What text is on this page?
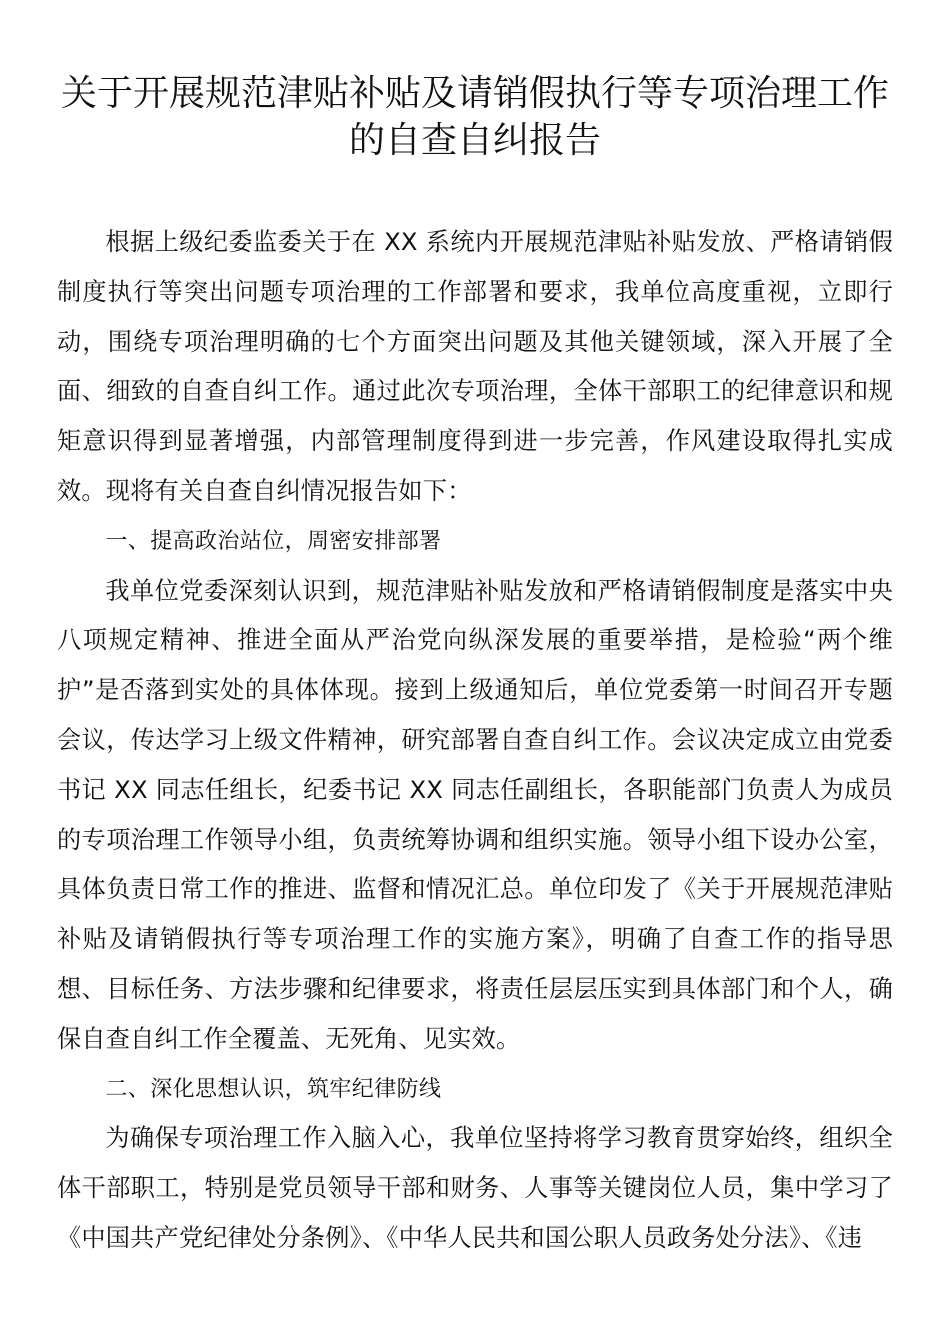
关于开展规范津贴补贴及请销假执行等专项治理工作
的自查自纠报告

根据上级纪委监委关于在 XX 系统内开展规范津贴补贴发放、严格请销假制度执行等突出问题专项治理的工作部署和要求，我单位高度重视，立即行动，围绕专项治理明确的七个方面突出问题及其他关键领域，深入开展了全面、细致的自查自纠工作。通过此次专项治理，全体干部职工的纪律意识和规矩意识得到显著增强，内部管理制度得到进一步完善，作风建设取得扎实成效。现将有关自查自纠情况报告如下：

一、提高政治站位，周密安排部署

我单位党委深刻认识到，规范津贴补贴发放和严格请销假制度是落实中央八项规定精神、推进全面从严治党向纵深发展的重要举措，是检验“两个维护”是否落到实处的具体体现。接到上级通知后，单位党委第一时间召开专题会议，传达学习上级文件精神，研究部署自查自纠工作。会议决定成立由党委书记 XX 同志任组长，纪委书记 XX 同志任副组长，各职能部门负责人为成员的专项治理工作领导小组，负责统筹协调和组织实施。领导小组下设办公室，具体负责日常工作的推进、监督和情况汇总。单位印发了《关于开展规范津贴补贴及请销假执行等专项治理工作的实施方案》，明确了自查工作的指导思想、目标任务、方法步骤和纪律要求，将责任层层压实到具体部门和个人，确保自查自纠工作全覆盖、无死角、见实效。

二、深化思想认识，筑牢纪律防线

为确保专项治理工作入脑入心，我单位坚持将学习教育贯穿始终，组织全体干部职工，特别是党员领导干部和财务、人事等关键岗位人员，集中学习了《中国共产党纪律处分条例》、《中华人民共和国公职人员政务处分法》、《违
